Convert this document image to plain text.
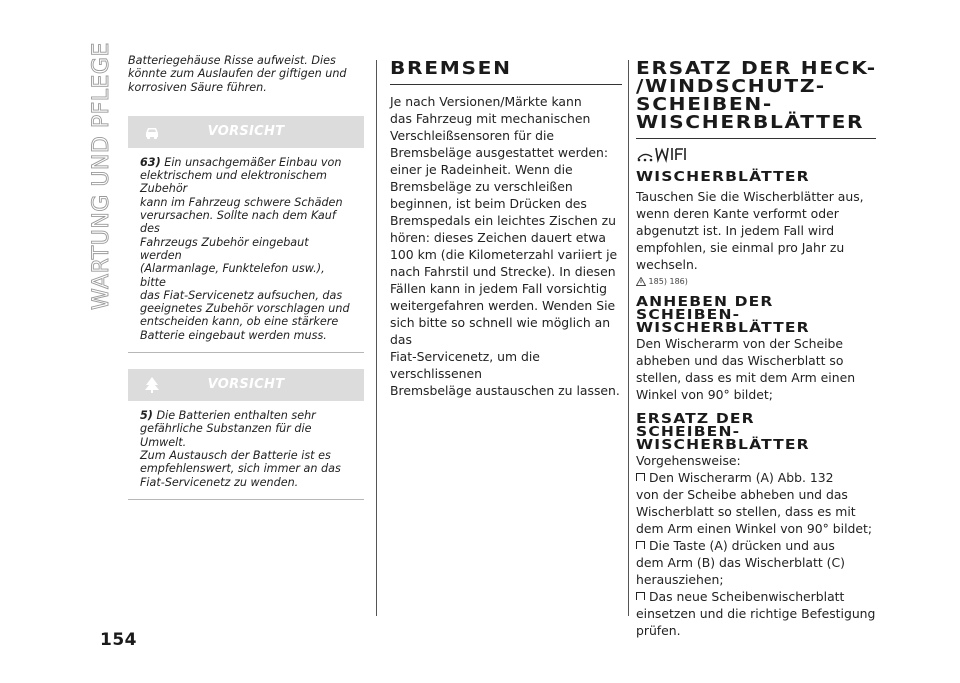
WARTUNG UND PFLEGE
154
Batteriegehäuse Risse aufweist. Dies
könnte zum Auslaufen der giftigen und
korrosiven Säure führen.
VORSICHT
63) Ein unsachgemäßer Einbau von
elektrischem und elektronischem Zubehör
kann im Fahrzeug schwere Schäden
verursachen. Sollte nach dem Kauf des
Fahrzeugs Zubehör eingebaut werden
(Alarmanlage, Funktelefon usw.), bitte
das Fiat-Servicenetz aufsuchen, das
geeignetes Zubehör vorschlagen und
entscheiden kann, ob eine stärkere
Batterie eingebaut werden muss.
VORSICHT
5) Die Batterien enthalten sehr
gefährliche Substanzen für die Umwelt.
Zum Austausch der Batterie ist es
empfehlenswert, sich immer an das
Fiat-Servicenetz zu wenden.
BREMSEN
Je nach Versionen/Märkte kann
das Fahrzeug mit mechanischen
Verschleißsensoren für die
Bremsbeläge ausgestattet werden:
einer je Radeinheit. Wenn die
Bremsbeläge zu verschleißen
beginnen, ist beim Drücken des
Bremspedals ein leichtes Zischen zu
hören: dieses Zeichen dauert etwa
100 km (die Kilometerzahl variiert je
nach Fahrstil und Strecke). In diesen
Fällen kann in jedem Fall vorsichtig
weitergefahren werden. Wenden Sie
sich bitte so schnell wie möglich an das
Fiat-Servicenetz, um die verschlissenen
Bremsbeläge austauschen zu lassen.
ERSATZ DER HECK-
/WINDSCHUTZ-
SCHEIBEN-
WISCHERBLÄTTER
WISCHERBLÄTTER
Tauschen Sie die Wischerblätter aus,
wenn deren Kante verformt oder
abgenutzt ist. In jedem Fall wird
empfohlen, sie einmal pro Jahr zu
wechseln.
185) 186)
ANHEBEN DER
SCHEIBEN-
WISCHERBLÄTTER
Den Wischerarm von der Scheibe
abheben und das Wischerblatt so
stellen, dass es mit dem Arm einen
Winkel von 90° bildet;
ERSATZ DER
SCHEIBEN-
WISCHERBLÄTTER
Vorgehensweise:
Den Wischerarm (A) Abb. 132
von der Scheibe abheben und das
Wischerblatt so stellen, dass es mit
dem Arm einen Winkel von 90° bildet;
Die Taste (A) drücken und aus
dem Arm (B) das Wischerblatt (C)
herausziehen;
Das neue Scheibenwischerblatt
einsetzen und die richtige Befestigung
prüfen.
